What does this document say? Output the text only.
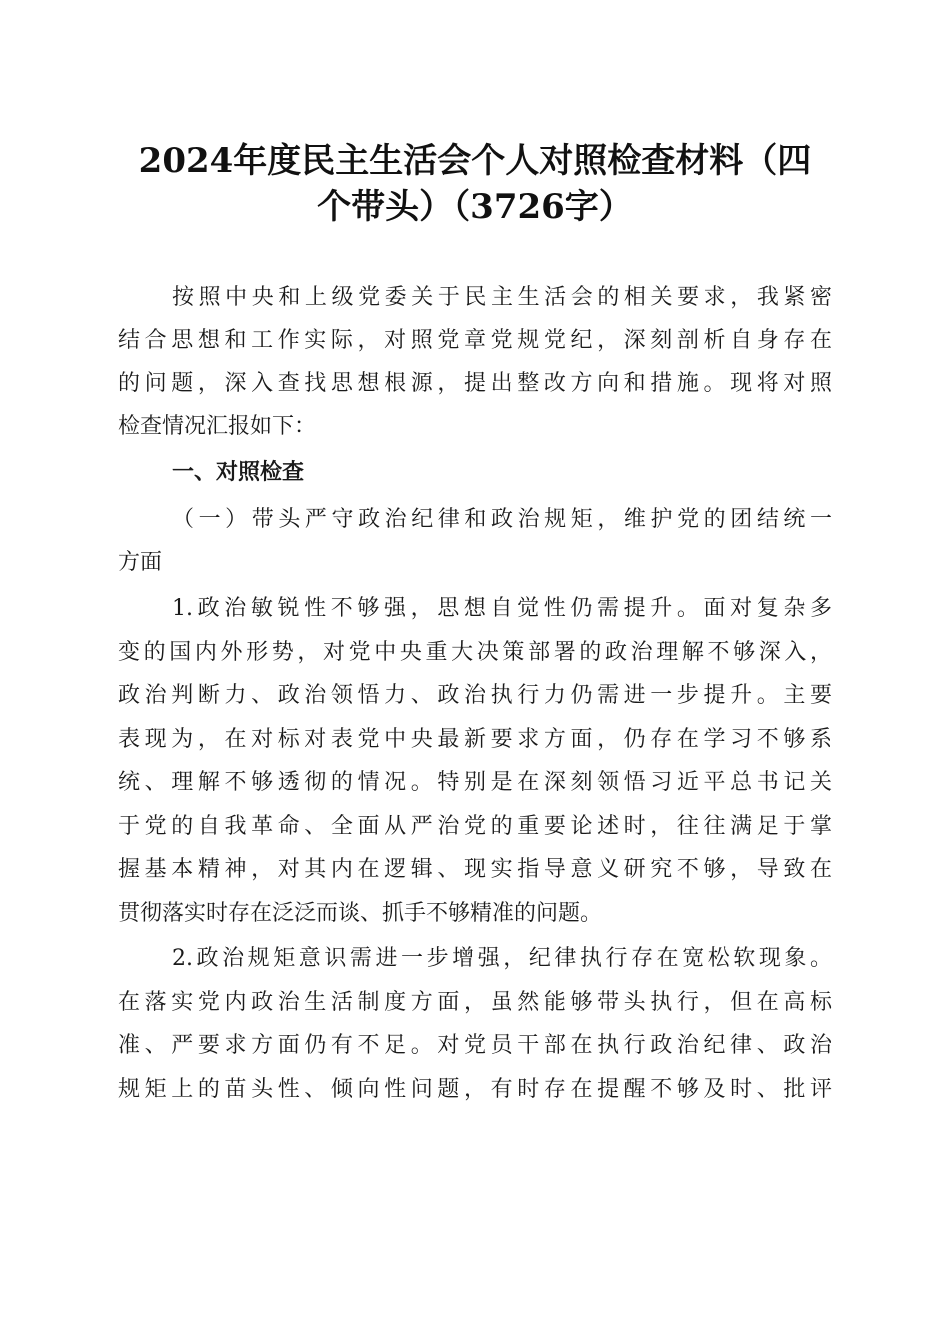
2024年度民主生活会个人对照检查材料（四
个带头）（3726字）
按照中央和上级党委关于民主生活会的相关要求，我紧密
结合思想和工作实际，对照党章党规党纪，深刻剖析自身存在
的问题，深入查找思想根源，提出整改方向和措施。现将对照
检查情况汇报如下：
一、对照检查
（一）带头严守政治纪律和政治规矩，维护党的团结统一
方面
1.政治敏锐性不够强，思想自觉性仍需提升。面对复杂多
变的国内外形势，对党中央重大决策部署的政治理解不够深入，
政治判断力、政治领悟力、政治执行力仍需进一步提升。主要
表现为，在对标对表党中央最新要求方面，仍存在学习不够系
统、理解不够透彻的情况。特别是在深刻领悟习近平总书记关
于党的自我革命、全面从严治党的重要论述时，往往满足于掌
握基本精神，对其内在逻辑、现实指导意义研究不够，导致在
贯彻落实时存在泛泛而谈、抓手不够精准的问题。
2.政治规矩意识需进一步增强，纪律执行存在宽松软现象。
在落实党内政治生活制度方面，虽然能够带头执行，但在高标
准、严要求方面仍有不足。对党员干部在执行政治纪律、政治
规矩上的苗头性、倾向性问题，有时存在提醒不够及时、批评
